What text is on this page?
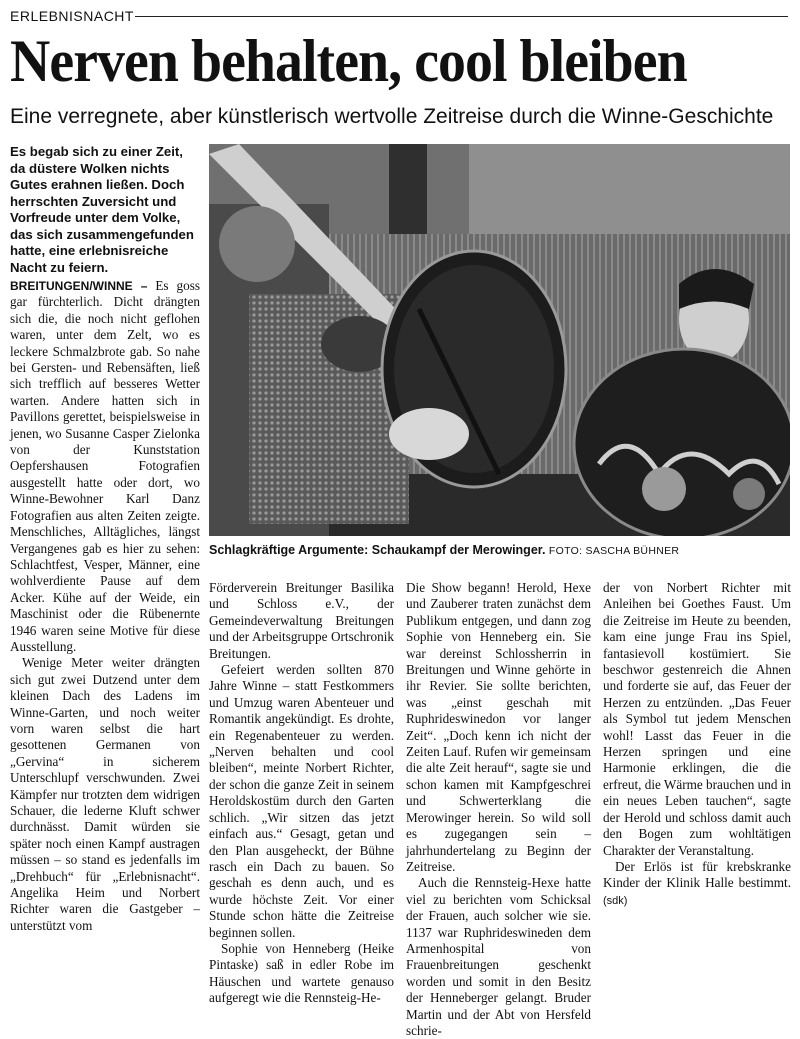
ERLEBNISNACHT
Nerven behalten, cool bleiben
Eine verregnete, aber künstlerisch wertvolle Zeitreise durch die Winne-Geschichte
Es begab sich zu einer Zeit, da düstere Wolken nichts Gutes erahnen ließen. Doch herrschten Zuversicht und Vorfreude unter dem Volke, das sich zusammengefunden hatte, eine erlebnisreiche Nacht zu feiern.
Schlagkräftige Argumente: Schaukampf der Merowinger. FOTO: SASCHA BÜHNER

BREITUNGEN/WINNE – Es goss gar fürchterlich. Dicht drängten sich die, die noch nicht geflohen waren, unter dem Zelt, wo es leckere Schmalzbrote gab. So nahe bei Gersten- und Rebensäften, ließ sich trefflich auf besseres Wetter warten. Andere hatten sich in Pavillons gerettet, beispielsweise in jenen, wo Susanne Casper Zielonka von der Kunststation Oepfershausen Fotografien ausgestellt hatte oder dort, wo Winne-Bewohner Karl Danz Fotografien aus alten Zeiten zeigte. Menschliches, Alltägliches, längst Vergangenes gab es hier zu sehen: Schlachtfest, Vesper, Männer, eine wohlverdiente Pause auf dem Acker. Kühe auf der Weide, ein Maschinist oder die Rübenernte 1946 waren seine Motive für diese Ausstellung.

Wenige Meter weiter drängten sich gut zwei Dutzend unter dem kleinen Dach des Ladens im Winne-Garten, und noch weiter vorn waren selbst die hart gesottenen Germanen von „Gervina“ in sicherem Unterschlupf verschwunden. Zwei Kämpfer nur trotzten dem widrigen Schauer, die lederne Kluft schwer durchnässt. Damit würden sie später noch einen Kampf austragen müssen – so stand es jedenfalls im „Drehbuch“ für „Erlebnisnacht“. Angelika Heim und Norbert Richter waren die Gastgeber – unterstützt vom

Förderverein Breitunger Basilika und Schloss e.V., der Gemeindeverwaltung Breitungen und der Arbeitsgruppe Ortschronik Breitungen.

Gefeiert werden sollten 870 Jahre Winne – statt Festkommers und Umzug waren Abenteuer und Romantik angekündigt. Es drohte, ein Regenabenteuer zu werden. „Nerven behalten und cool bleiben“, meinte Norbert Richter, der schon die ganze Zeit in seinem Heroldskostüm durch den Garten schlich. „Wir sitzen das jetzt einfach aus.“ Gesagt, getan und den Plan ausgeheckt, der Bühne rasch ein Dach zu bauen. So geschah es denn auch, und es wurde höchste Zeit. Vor einer Stunde schon hätte die Zeitreise beginnen sollen.

Sophie von Henneberg (Heike Pintaske) saß in edler Robe im Häuschen und wartete genauso aufgeregt wie die Rennsteig-He-

Die Show begann! Herold, Hexe und Zauberer traten zunächst dem Publikum entgegen, und dann zog Sophie von Henneberg ein. Sie war dereinst Schlossherrin in Breitungen und Winne gehörte in ihr Revier. Sie sollte berichten, was „einst geschah mit Ruphrideswinedon vor langer Zeit“. „Doch kenn ich nicht der Zeiten Lauf. Rufen wir gemeinsam die alte Zeit herauf“, sagte sie und schon kamen mit Kampfgeschrei und Schwerterklang die Merowinger herein. So wild soll es zugegangen sein – jahrhundertelang zu Beginn der Zeitreise.

Auch die Rennsteig-Hexe hatte viel zu berichten vom Schicksal der Frauen, auch solcher wie sie. 1137 war Ruphrideswineden dem Armenhospital von Frauenbreitungen geschenkt worden und somit in den Besitz der Henneberger gelangt. Bruder Martin und der Abt von Hersfeld schrie-

der von Norbert Richter mit Anleihen bei Goethes Faust. Um die Zeitreise im Heute zu beenden, kam eine junge Frau ins Spiel, fantasievoll kostümiert. Sie beschwor gestenreich die Ahnen und forderte sie auf, das Feuer der Herzen zu entzünden. „Das Feuer als Symbol tut jedem Menschen wohl! Lasst das Feuer in die Herzen springen und eine Harmonie erklingen, die die erfreut, die Wärme brauchen und in ein neues Leben tauchen“, sagte der Herold und schloss damit auch den Bogen zum wohltätigen Charakter der Veranstaltung.

Der Erlös ist für krebskranke Kinder der Klinik Halle bestimmt. (sdk)
